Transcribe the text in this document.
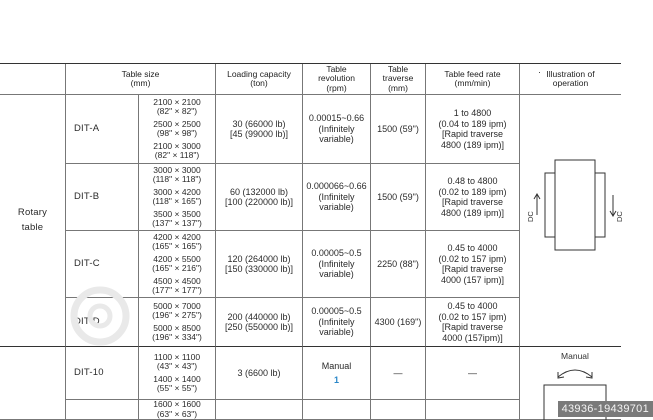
Table size
(mm)
Loading capacity
(ton)
Table revolution
(rpm)
Table traverse
(mm)
Table feed rate
(mm/min)
Illustration of operation
Rotary
table
DIT-A
2100 × 2100
(82" × 82")
2500 × 2500
(98" × 98")
2100 × 3000
(82" × 118")
30 (66000 lb)
[45 (99000 lb)]
0.00015~0.66
(Infinitely
variable)
1500 (59")
1 to 4800
(0.04 to 189 ipm)
[Rapid traverse
4800 (189 ipm)]
DIT-B
3000 × 3000
(118" × 118")
3000 × 4200
(118" × 165")
3500 × 3500
(137" × 137")
60 (132000 lb)
[100 (220000 lb)]
0.000066~0.66
(Infinitely
variable)
1500 (59")
0.48 to 4800
(0.02 to 189 ipm)
[Rapid traverse
4800 (189 ipm)]
DIT-C
4200 × 4200
(165" × 165")
4200 × 5500
(165" × 216")
4500 × 4500
(177" × 177")
120 (264000 lb)
[150 (330000 lb)]
0.00005~0.5
(Infinitely
variable)
2250 (88")
0.45 to 4000
(0.02 to 157 ipm)
[Rapid traverse
4000 (157 ipm)]
DIT-D
5000 × 7000
(196" × 275")
5000 × 8500
(196" × 334")
200 (440000 lb)
[250 (550000 lb)]
0.00005~0.5
(Infinitely
variable)
4300 (169")
0.45 to 4000
(0.02 to 157 ipm)
[Rapid traverse
4000 (157ipm)]
DIT-10
1100 × 1100
(43" × 43")
1400 × 1400
(55" × 55")
3 (6600 lb)
Manual
1
—	—
1600 × 1600
(63" × 63")
DC	DC
Manual
·
43936-19439701
